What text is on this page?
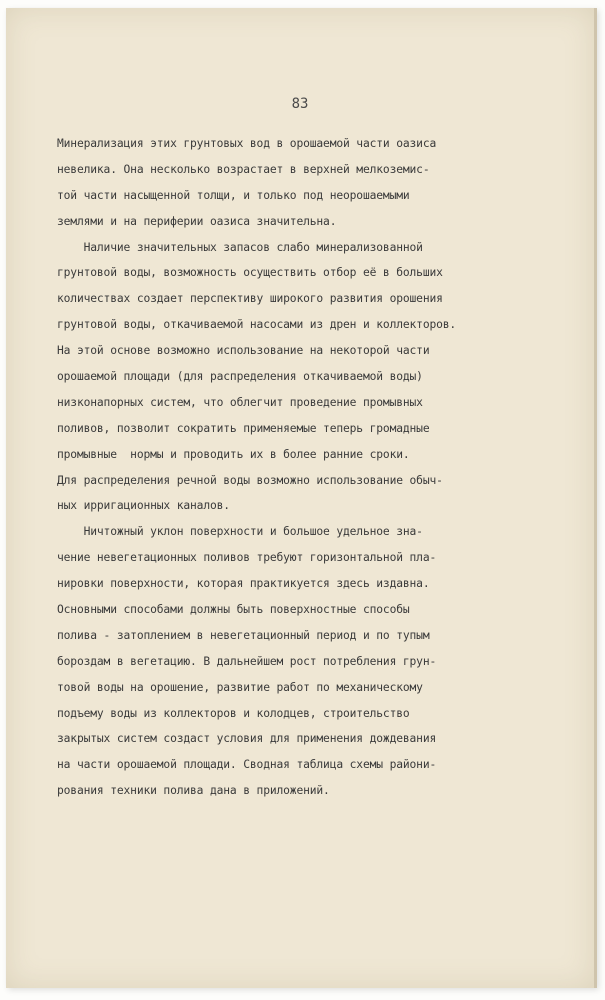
83
Минерализация этих грунтовых вод в орошаемой части оазиса
невелика. Она несколько возрастает в верхней мелкоземис-
той части насыщенной толщи, и только под неорошаемыми
землями и на периферии оазиса значительна.
Наличие значительных запасов слабо минерализованной
грунтовой воды, возможность осуществить отбор её в больших
количествах создает перспективу широкого развития орошения
грунтовой воды, откачиваемой насосами из дрен и коллекторов.
На этой основе возможно использование на некоторой части
орошаемой площади (для распределения откачиваемой воды)
низконапорных систем, что облегчит проведение промывных
поливов, позволит сократить применяемые теперь громадные
промывные  нормы и проводить их в более ранние сроки.
Для распределения речной воды возможно использование обыч-
ных ирригационных каналов.
Ничтожный уклон поверхности и большое удельное зна-
чение невегетационных поливов требуют горизонтальной пла-
нировки поверхности, которая практикуется здесь издавна.
Основными способами должны быть поверхностные способы
полива - затоплением в невегетационный период и по тупым
бороздам в вегетацию. В дальнейшем рост потребления грун-
товой воды на орошение, развитие работ по механическому
подъему воды из коллекторов и колодцев, строительство
закрытых систем создаст условия для применения дождевания
на части орошаемой площади. Сводная таблица схемы райони-
рования техники полива дана в приложений.
